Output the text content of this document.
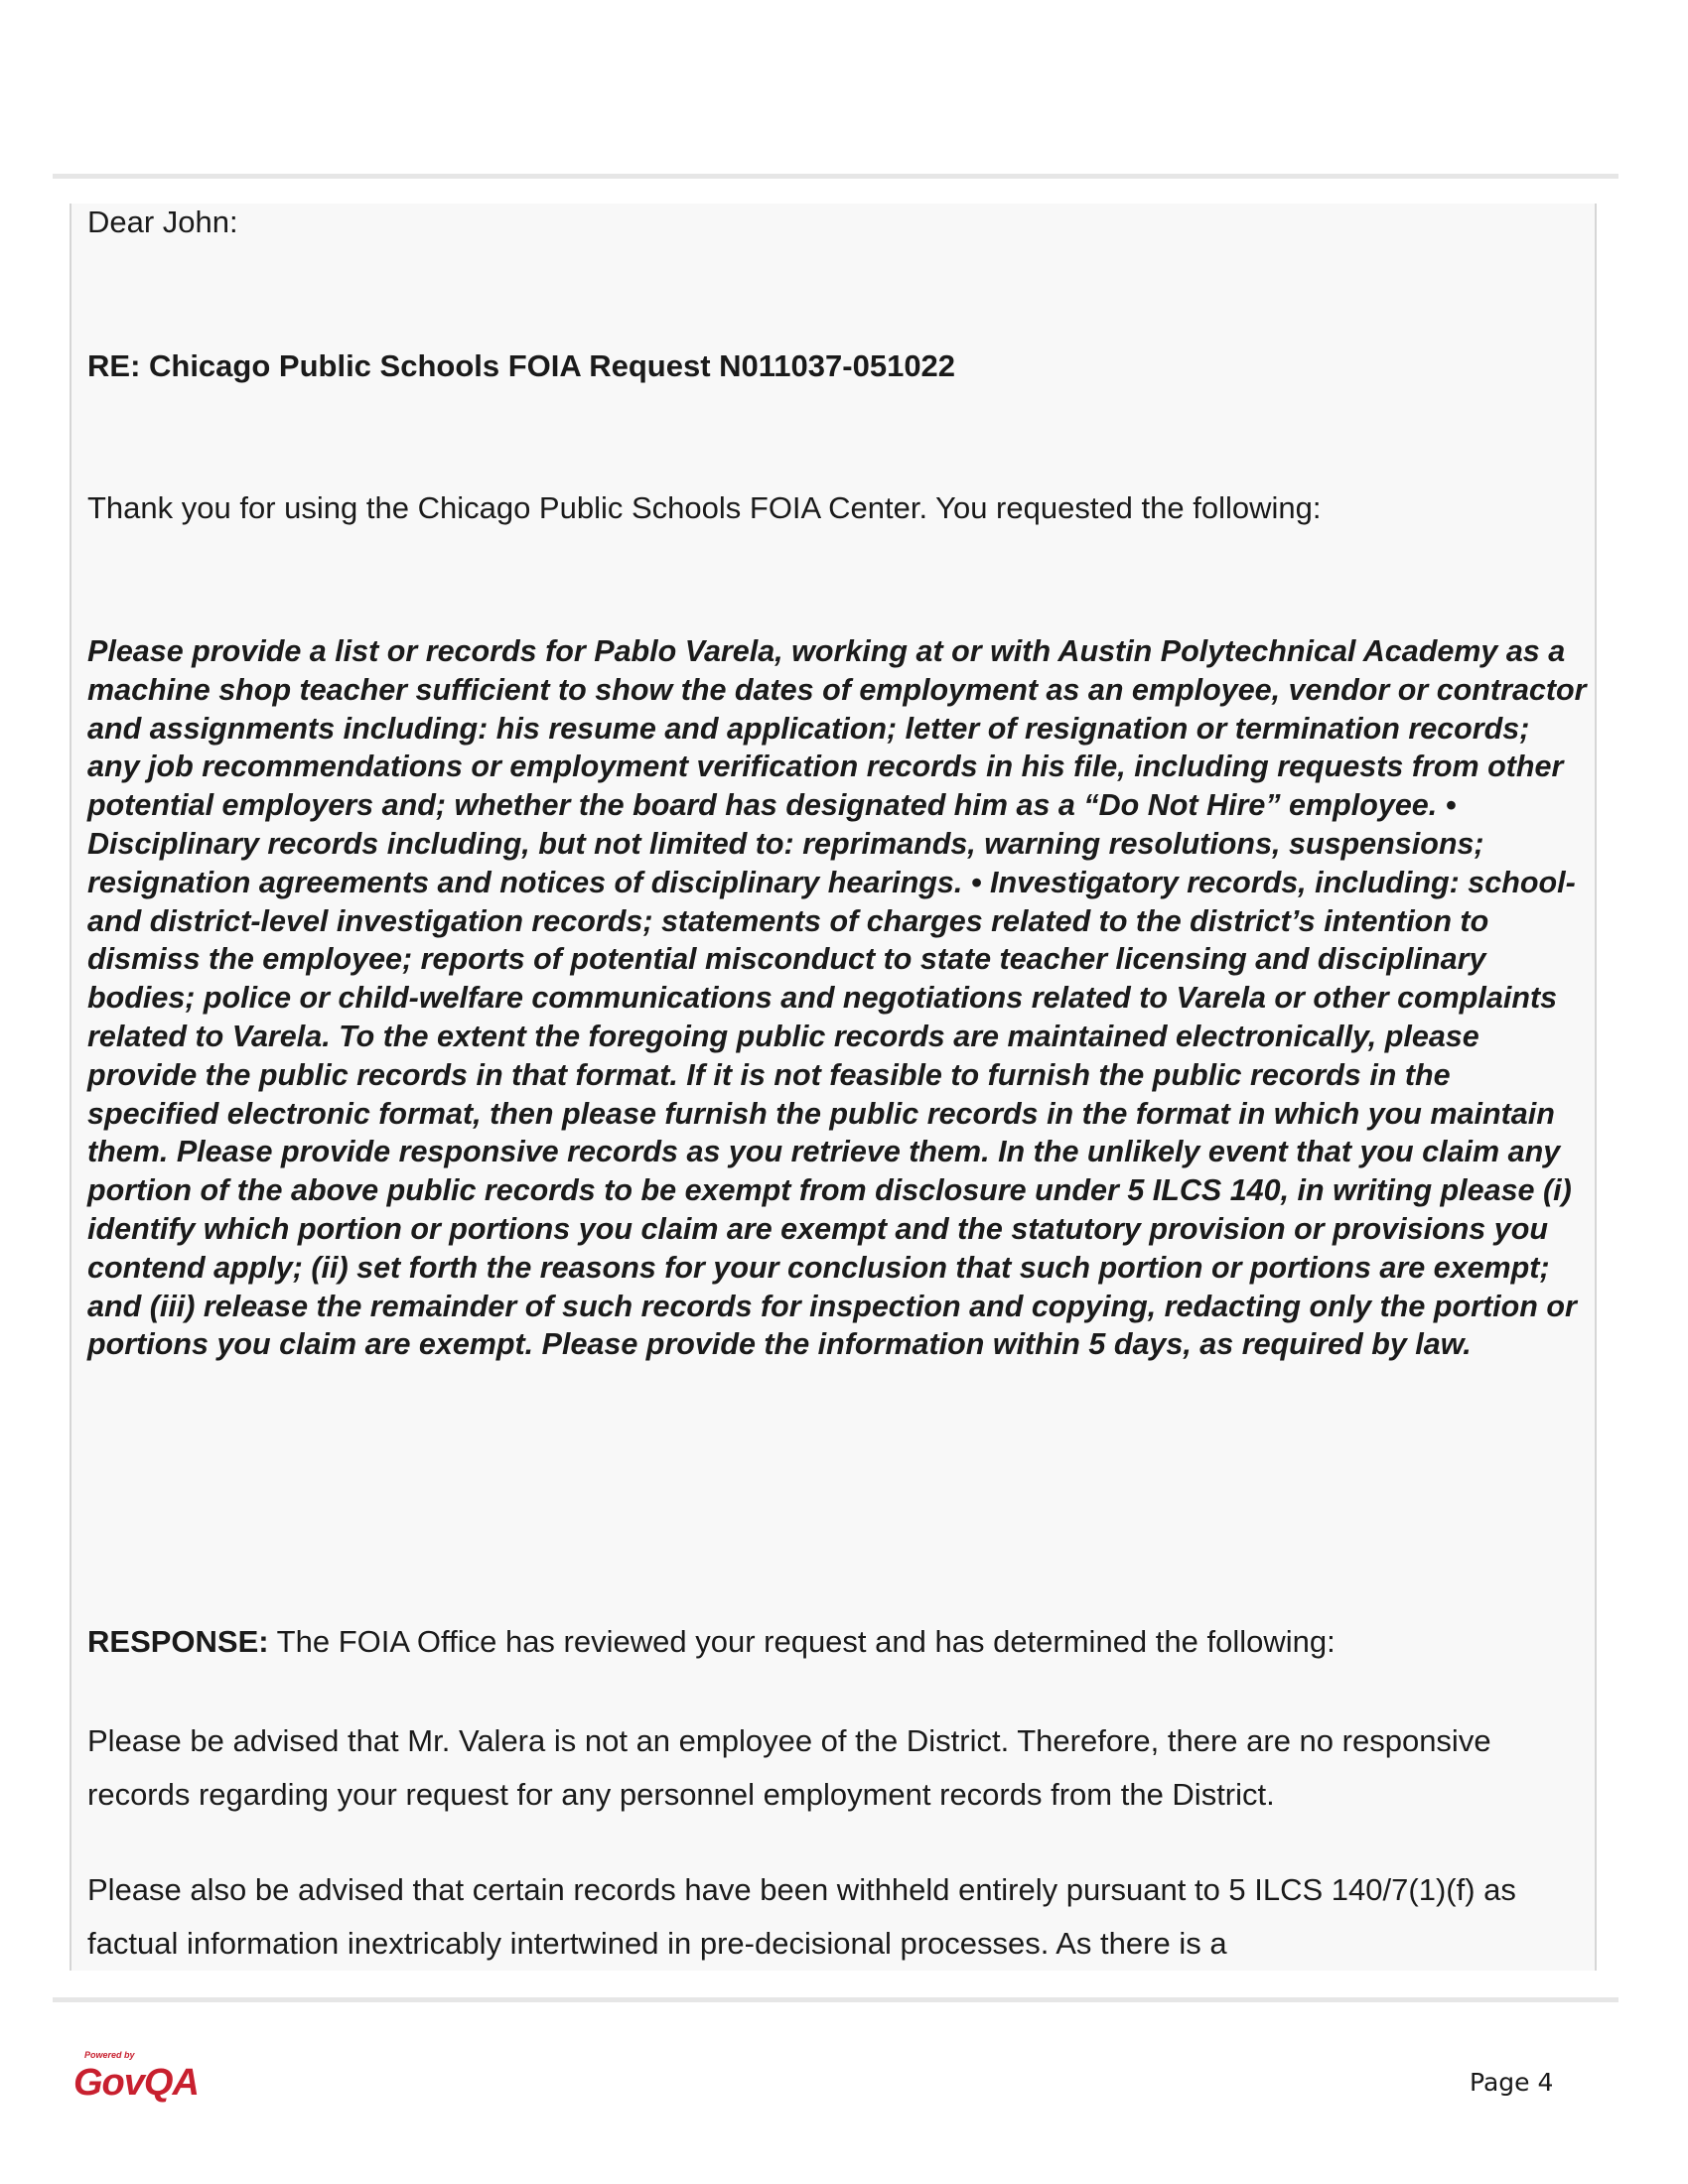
Dear John:

RE: Chicago Public Schools FOIA Request N011037-051022

Thank you for using the Chicago Public Schools FOIA Center. You requested the following:

Please provide a list or records for Pablo Varela, working at or with Austin Polytechnical Academy as a machine shop teacher sufficient to show the dates of employment as an employee, vendor or contractor and assignments including: his resume and application; letter of resignation or termination records; any job recommendations or employment verification records in his file, including requests from other potential employers and; whether the board has designated him as a “Do Not Hire” employee. • Disciplinary records including, but not limited to: reprimands, warning resolutions, suspensions; resignation agreements and notices of disciplinary hearings. • Investigatory records, including: school- and district-level investigation records; statements of charges related to the district’s intention to dismiss the employee; reports of potential misconduct to state teacher licensing and disciplinary bodies; police or child-welfare communications and negotiations related to Varela or other complaints related to Varela. To the extent the foregoing public records are maintained electronically, please provide the public records in that format. If it is not feasible to furnish the public records in the specified electronic format, then please furnish the public records in the format in which you maintain them. Please provide responsive records as you retrieve them. In the unlikely event that you claim any portion of the above public records to be exempt from disclosure under 5 ILCS 140, in writing please (i) identify which portion or portions you claim are exempt and the statutory provision or provisions you contend apply; (ii) set forth the reasons for your conclusion that such portion or portions are exempt; and (iii) release the remainder of such records for inspection and copying, redacting only the portion or portions you claim are exempt. Please provide the information within 5 days, as required by law.

RESPONSE: The FOIA Office has reviewed your request and has determined the following:

Please be advised that Mr. Valera is not an employee of the District. Therefore, there are no responsive records regarding your request for any personnel employment records from the District.

Please also be advised that certain records have been withheld entirely pursuant to 5 ILCS 140/7(1)(f) as factual information inextricably intertwined in pre-decisional processes. As there is a

Powered by
GovQA	Page 4
